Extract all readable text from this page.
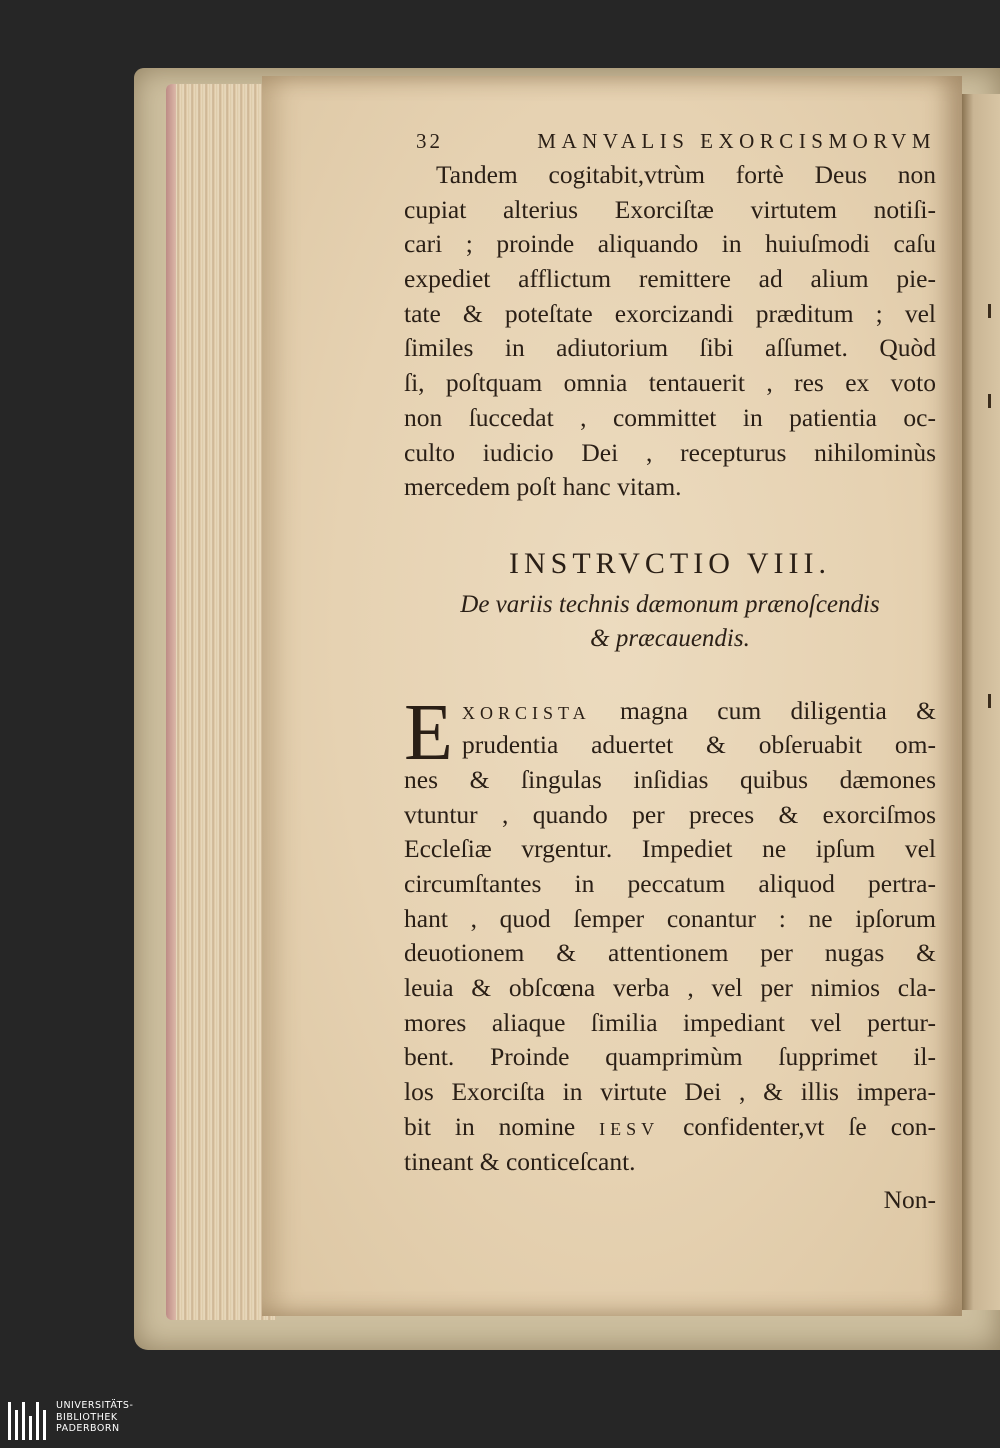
32	MANVALIS EXORCISMORVM
Tandem cogitabit,vtrùm fortè Deus non
cupiat alterius Exorciſtæ virtutem notiſi-
cari ; proinde aliquando in huiuſmodi caſu
expediet afflictum remittere ad alium pie-
tate & poteſtate exorcizandi præditum ; vel
ſimiles in adiutorium ſibi aſſumet. Quòd
ſi, poſtquam omnia tentauerit , res ex voto
non ſuccedat , committet in patientia oc-
culto iudicio Dei , recepturus nihilominùs
mercedem poſt hanc vitam.
INSTRVCTIO VIII.
De variis technis dæmonum prænoſcendis
& præcauendis.
E XORCISTA magna cum diligentia &
prudentia aduertet & obſeruabit om-
nes & ſingulas inſidias quibus dæmones
vtuntur , quando per preces & exorciſmos
Eccleſiæ vrgentur. Impediet ne ipſum vel
circumſtantes in peccatum aliquod pertra-
hant , quod ſemper conantur : ne ipſorum
deuotionem & attentionem per nugas &
leuia & obſcœna verba , vel per nimios cla-
mores aliaque ſimilia impediant vel pertur-
bent. Proinde quamprimùm ſupprimet il-
los Exorciſta in virtute Dei , & illis impera-
bit in nomine IESV confidenter,vt ſe con-
tineant & conticeſcant.
Non-
UNIVERSITÄTS-
BIBLIOTHEK
PADERBORN
